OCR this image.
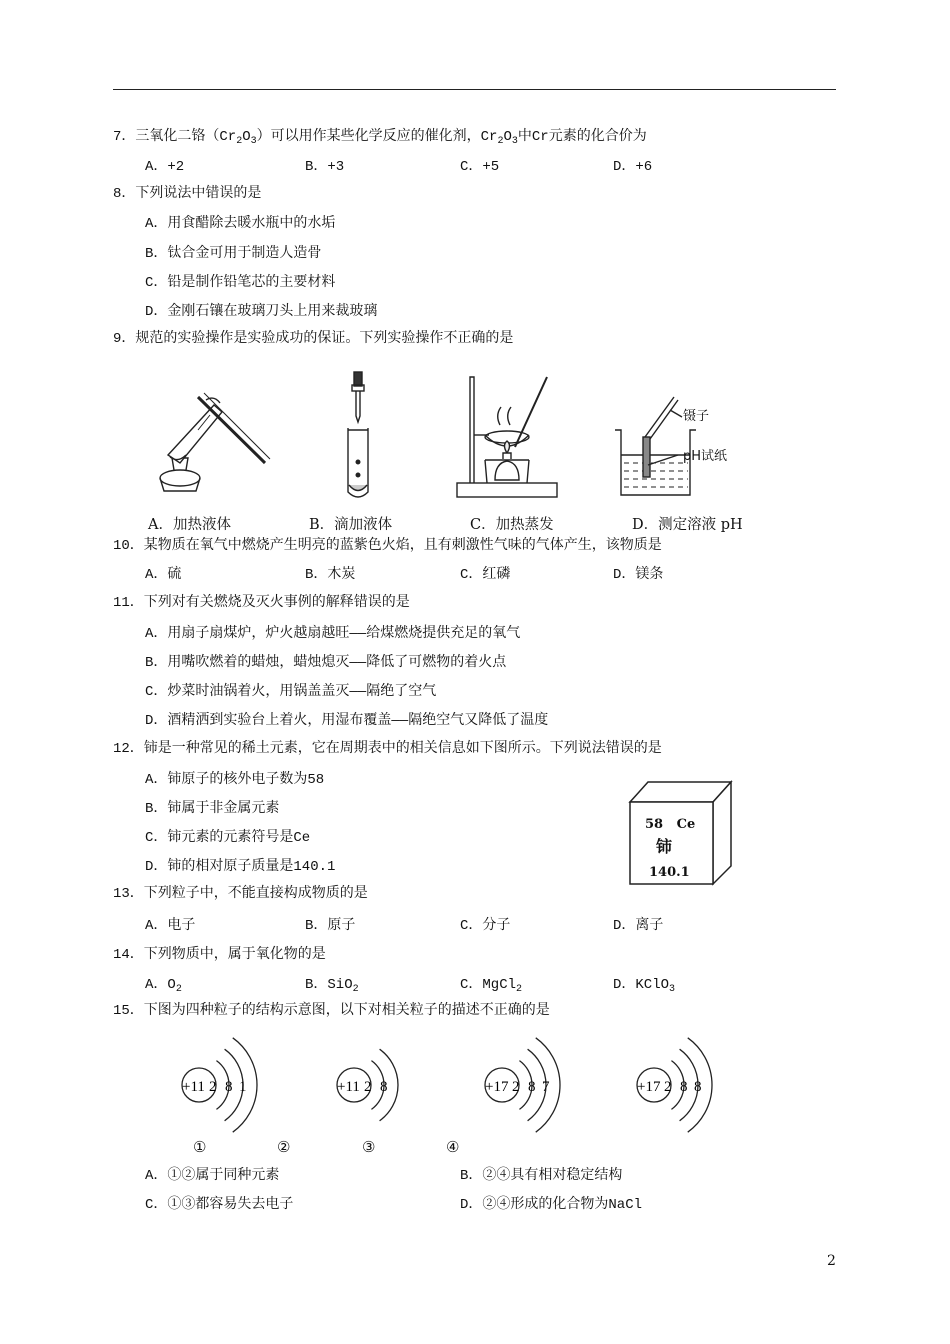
7．三氧化二铬$(Cr_2O_3)$可以用作某些化学反应的催化剂，$Cr_2O_3$中Cr元素的化合价为
A．+2	B．+3	C．+5	D．+6
8．下列说法中错误的是
A．用食醋除去暖水瓶中的水垢
B．钛合金可用于制造人造骨
C．铅是制作铅笔芯的主要材料
D．金刚石镶在玻璃刀头上用来裁玻璃
9．规范的实验操作是实验成功的保证。下列实验操作不正确的是
镊子
pH试纸
A．加热液体	B．滴加液体	C．加热蒸发	D．测定溶液 pH
10．某物质在氧气中燃烧产生明亮的蓝紫色火焰，且有刺激性气味的气体产生，该物质是
A．硫	B．木炭	C．红磷	D．镁条
11．下列对有关燃烧及灭火事例的解释错误的是
A．用扇子扇煤炉，炉火越扇越旺——给煤燃烧提供充足的氧气
B．用嘴吹燃着的蜡烛，蜡烛熄灭——降低了可燃物的着火点
C．炒菜时油锅着火，用锅盖盖灭——隔绝了空气
D．酒精洒到实验台上着火，用湿布覆盖——隔绝空气又降低了温度
12．铈是一种常见的稀土元素，它在周期表中的相关信息如下图所示。下列说法错误的是
A．铈原子的核外电子数为58
B．铈属于非金属元素
C．铈元素的元素符号是Ce
D．铈的相对原子质量是140.1
58 Ce
铈
140.1
13．下列粒子中，不能直接构成物质的是
A．电子	B．原子	C．分子	D．离子
14．下列物质中，属于氧化物的是
A．$O_2$	B．SiO$_2$	C．MgCl$_2$	D．KClO$_3$
15．下图为四种粒子的结构示意图，以下对相关粒子的描述不正确的是
2 8 1
+11	2 8
+11	2 8 7
+17	2 8 8
+17
①	②	③	④
A．①②属于同种元素	B．②④具有相对稳定结构
C．①③都容易失去电子	D．②④形成的化合物为NaCl
2
